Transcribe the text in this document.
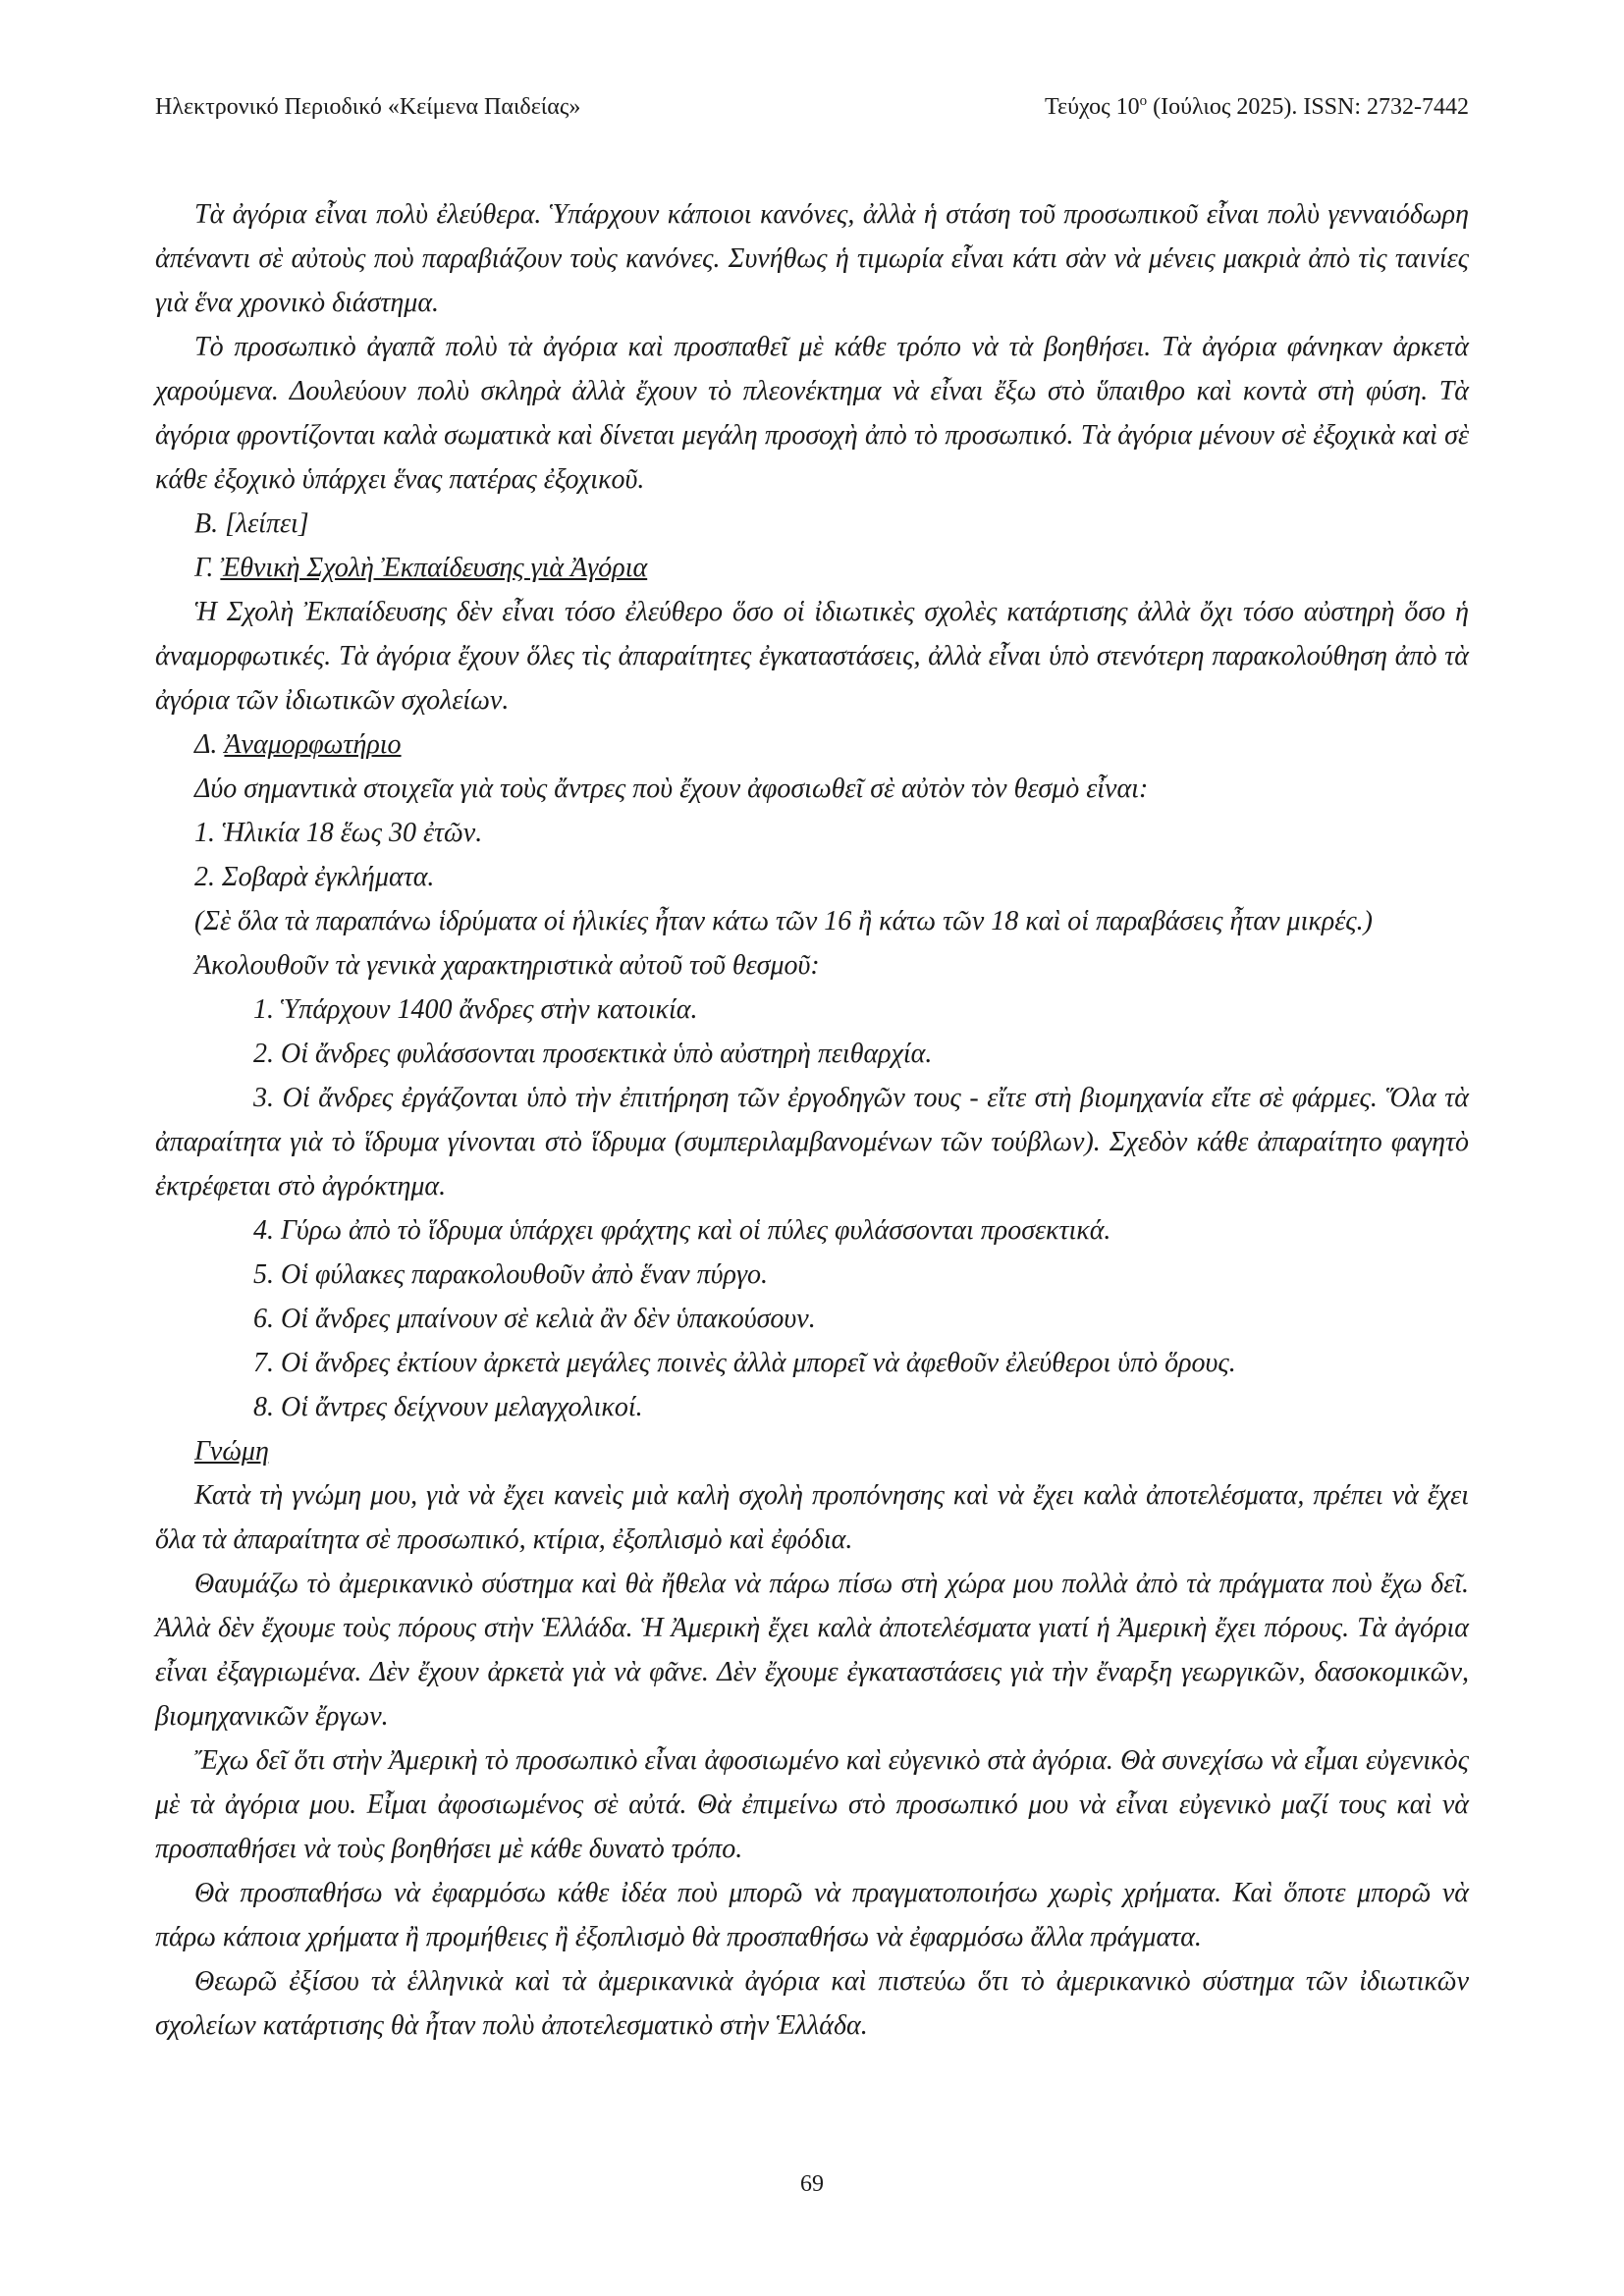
Ηλεκτρονικό Περιοδικό «Κείμενα Παιδείας»	Τεύχος $10^o$ (Ιούλιος 2025). ISSN: 2732-7442

Τὰ ἀγόρια εἶναι πολὺ ἐλεύθερα. Ὑπάρχουν κάποιοι κανόνες, ἀλλὰ ἡ στάση τοῦ προσωπικοῦ εἶναι πολὺ γενναιόδωρη ἀπέναντι σὲ αὐτοὺς ποὺ παραβιάζουν τοὺς κανόνες. Συνήθως ἡ τιμωρία εἶναι κάτι σὰν νὰ μένεις μακριὰ ἀπὸ τὶς ταινίες γιὰ ἕνα χρονικὸ διάστημα.

Τὸ προσωπικὸ ἀγαπᾶ πολὺ τὰ ἀγόρια καὶ προσπαθεῖ μὲ κάθε τρόπο νὰ τὰ βοηθήσει. Τὰ ἀγόρια φάνηκαν ἀρκετὰ χαρούμενα. Δουλεύουν πολὺ σκληρὰ ἀλλὰ ἔχουν τὸ πλεονέκτημα νὰ εἶναι ἔξω στὸ ὕπαιθρο καὶ κοντὰ στὴ φύση. Τὰ ἀγόρια φροντίζονται καλὰ σωματικὰ καὶ δίνεται μεγάλη προσοχὴ ἀπὸ τὸ προσωπικό. Τὰ ἀγόρια μένουν σὲ ἐξοχικὰ καὶ σὲ κάθε ἐξοχικὸ ὑπάρχει ἕνας πατέρας ἐξοχικοῦ.

Β. [λείπει]

Γ. Ἐθνικὴ Σχολὴ Ἐκπαίδευσης γιὰ Ἀγόρια

Ἡ Σχολὴ Ἐκπαίδευσης δὲν εἶναι τόσο ἐλεύθερο ὅσο οἱ ἰδιωτικὲς σχολὲς κατάρτισης ἀλλὰ ὄχι τόσο αὐστηρὴ ὅσο ἡ ἀναμορφωτικές. Τὰ ἀγόρια ἔχουν ὅλες τὶς ἀπαραίτητες ἐγκαταστάσεις, ἀλλὰ εἶναι ὑπὸ στενότερη παρακολούθηση ἀπὸ τὰ ἀγόρια τῶν ἰδιωτικῶν σχολείων.

Δ. Ἀναμορφωτήριο

Δύο σημαντικὰ στοιχεῖα γιὰ τοὺς ἄντρες ποὺ ἔχουν ἀφοσιωθεῖ σὲ αὐτὸν τὸν θεσμὸ εἶναι:

1. Ἡλικία 18 ἕως 30 ἐτῶν.

2. Σοβαρὰ ἐγκλήματα.

(Σὲ ὅλα τὰ παραπάνω ἱδρύματα οἱ ἡλικίες ἦταν κάτω τῶν 16 ἢ κάτω τῶν 18 καὶ οἱ παραβάσεις ἦταν μικρές.)

Ἀκολουθοῦν τὰ γενικὰ χαρακτηριστικὰ αὐτοῦ τοῦ θεσμοῦ:

1. Ὑπάρχουν 1400 ἄνδρες στὴν κατοικία.

2. Οἱ ἄνδρες φυλάσσονται προσεκτικὰ ὑπὸ αὐστηρὴ πειθαρχία.

3. Οἱ ἄνδρες ἐργάζονται ὑπὸ τὴν ἐπιτήρηση τῶν ἐργοδηγῶν τους - εἴτε στὴ βιομηχανία εἴτε σὲ φάρμες. Ὅλα τὰ ἀπαραίτητα γιὰ τὸ ἵδρυμα γίνονται στὸ ἵδρυμα (συμπεριλαμβανομένων τῶν τούβλων). Σχεδὸν κάθε ἀπαραίτητο φαγητὸ ἐκτρέφεται στὸ ἀγρόκτημα.

4. Γύρω ἀπὸ τὸ ἵδρυμα ὑπάρχει φράχτης καὶ οἱ πύλες φυλάσσονται προσεκτικά.

5. Οἱ φύλακες παρακολουθοῦν ἀπὸ ἕναν πύργο.

6. Οἱ ἄνδρες μπαίνουν σὲ κελιὰ ἂν δὲν ὑπακούσουν.

7. Οἱ ἄνδρες ἐκτίουν ἀρκετὰ μεγάλες ποινὲς ἀλλὰ μπορεῖ νὰ ἀφεθοῦν ἐλεύθεροι ὑπὸ ὅρους.

8. Οἱ ἄντρες δείχνουν μελαγχολικοί.

Γνώμη

Κατὰ τὴ γνώμη μου, γιὰ νὰ ἔχει κανεὶς μιὰ καλὴ σχολὴ προπόνησης καὶ νὰ ἔχει καλὰ ἀποτελέσματα, πρέπει νὰ ἔχει ὅλα τὰ ἀπαραίτητα σὲ προσωπικό, κτίρια, ἐξοπλισμὸ καὶ ἐφόδια.

Θαυμάζω τὸ ἀμερικανικὸ σύστημα καὶ θὰ ἤθελα νὰ πάρω πίσω στὴ χώρα μου πολλὰ ἀπὸ τὰ πράγματα ποὺ ἔχω δεῖ. Ἀλλὰ δὲν ἔχουμε τοὺς πόρους στὴν Ἑλλάδα. Ἡ Ἀμερικὴ ἔχει καλὰ ἀποτελέσματα γιατί ἡ Ἀμερικὴ ἔχει πόρους. Τὰ ἀγόρια εἶναι ἐξαγριωμένα. Δὲν ἔχουν ἀρκετὰ γιὰ νὰ φᾶνε. Δὲν ἔχουμε ἐγκαταστάσεις γιὰ τὴν ἔναρξη γεωργικῶν, δασοκομικῶν, βιομηχανικῶν ἔργων.

Ἔχω δεῖ ὅτι στὴν Ἀμερικὴ τὸ προσωπικὸ εἶναι ἀφοσιωμένο καὶ εὐγενικὸ στὰ ἀγόρια. Θὰ συνεχίσω νὰ εἶμαι εὐγενικὸς μὲ τὰ ἀγόρια μου. Εἶμαι ἀφοσιωμένος σὲ αὐτά. Θὰ ἐπιμείνω στὸ προσωπικό μου νὰ εἶναι εὐγενικὸ μαζί τους καὶ νὰ προσπαθήσει νὰ τοὺς βοηθήσει μὲ κάθε δυνατὸ τρόπο.

Θὰ προσπαθήσω νὰ ἐφαρμόσω κάθε ἰδέα ποὺ μπορῶ νὰ πραγματοποιήσω χωρὶς χρήματα. Καὶ ὅποτε μπορῶ νὰ πάρω κάποια χρήματα ἢ προμήθειες ἢ ἐξοπλισμὸ θὰ προσπαθήσω νὰ ἐφαρμόσω ἄλλα πράγματα.

Θεωρῶ ἐξίσου τὰ ἑλληνικὰ καὶ τὰ ἀμερικανικὰ ἀγόρια καὶ πιστεύω ὅτι τὸ ἀμερικανικὸ σύστημα τῶν ἰδιωτικῶν σχολείων κατάρτισης θὰ ἦταν πολὺ ἀποτελεσματικὸ στὴν Ἑλλάδα.

69
